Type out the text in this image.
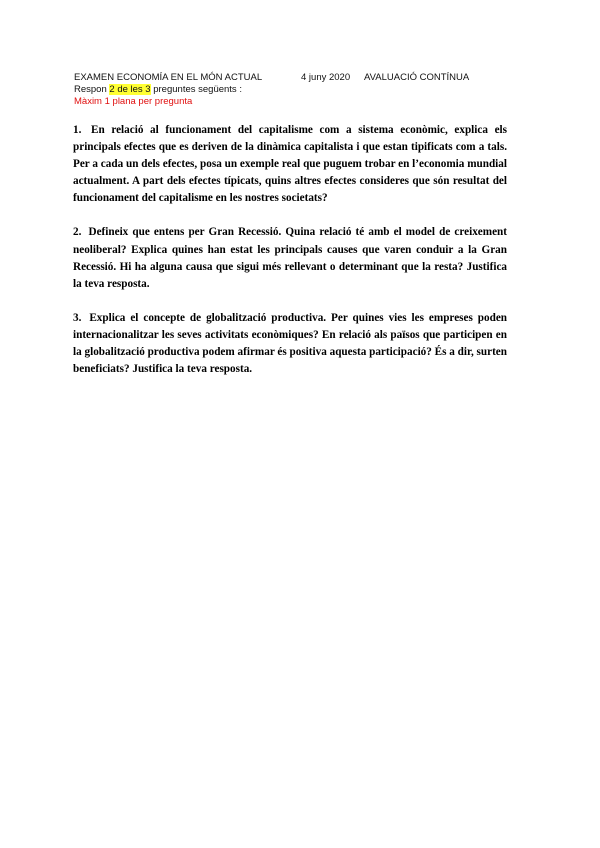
EXAMEN ECONOMÍA EN EL MÓN ACTUAL	4 juny 2020 AVALUACIÓ CONTÍNUA
Respon 2 de les 3 preguntes següents :
Màxim 1 plana per pregunta

1. En relació al funcionament del capitalisme com a sistema econòmic, explica els principals efectes que es deriven de la dinàmica capitalista i que estan tipificats com a tals. Per a cada un dels efectes, posa un exemple real que puguem trobar en l’economia mundial actualment. A part dels efectes típicats, quins altres efectes consideres que són resultat del funcionament del capitalisme en les nostres societats?

2. Defineix que entens per Gran Recessió. Quina relació té amb el model de creixement neoliberal? Explica quines han estat les principals causes que varen conduir a la Gran Recessió. Hi ha alguna causa que sigui més rellevant o determinant que la resta? Justifica la teva resposta.

3. Explica el concepte de globalització productiva. Per quines vies les empreses poden internacionalitzar les seves activitats econòmiques? En relació als països que participen en la globalització productiva podem afirmar és positiva aquesta participació? És a dir, surten beneficiats? Justifica la teva resposta.
